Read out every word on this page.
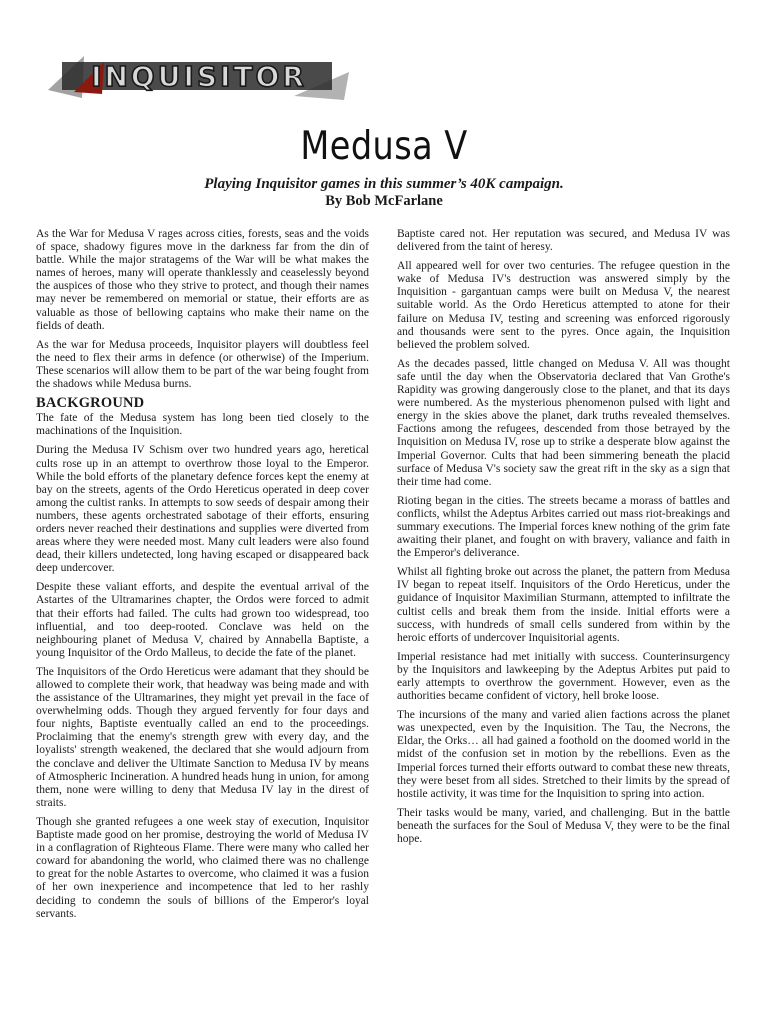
INQUISITOR
Medusa V

Playing Inquisitor games in this summer’s 40K campaign.

By Bob McFarlane

As the War for Medusa V rages across cities, forests, seas and the voids of space, shadowy figures move in the darkness far from the din of battle. While the major stratagems of the War will be what makes the names of heroes, many will operate thanklessly and ceaselessly beyond the auspices of those who they strive to protect, and though their names may never be remembered on memorial or statue, their efforts are as valuable as those of bellowing captains who make their name on the fields of death.

As the war for Medusa proceeds, Inquisitor players will doubtless feel the need to flex their arms in defence (or otherwise) of the Imperium. These scenarios will allow them to be part of the war being fought from the shadows while Medusa burns.

BACKGROUND

The fate of the Medusa system has long been tied closely to the machinations of the Inquisition.

During the Medusa IV Schism over two hundred years ago, heretical cults rose up in an attempt to overthrow those loyal to the Emperor. While the bold efforts of the planetary defence forces kept the enemy at bay on the streets, agents of the Ordo Hereticus operated in deep cover among the cultist ranks. In attempts to sow seeds of despair among their numbers, these agents orchestrated sabotage of their efforts, ensuring orders never reached their destinations and supplies were diverted from areas where they were needed most. Many cult leaders were also found dead, their killers undetected, long having escaped or disappeared back deep undercover.

Despite these valiant efforts, and despite the eventual arrival of the Astartes of the Ultramarines chapter, the Ordos were forced to admit that their efforts had failed. The cults had grown too widespread, too influential, and too deep-rooted. Conclave was held on the neighbouring planet of Medusa V, chaired by Annabella Baptiste, a young Inquisitor of the Ordo Malleus, to decide the fate of the planet.

The Inquisitors of the Ordo Hereticus were adamant that they should be allowed to complete their work, that headway was being made and with the assistance of the Ultramarines, they might yet prevail in the face of overwhelming odds. Though they argued fervently for four days and four nights, Baptiste eventually called an end to the proceedings. Proclaiming that the enemy's strength grew with every day, and the loyalists' strength weakened, the declared that she would adjourn from the conclave and deliver the Ultimate Sanction to Medusa IV by means of Atmospheric Incineration. A hundred heads hung in union, for among them, none were willing to deny that Medusa IV lay in the direst of straits.

Though she granted refugees a one week stay of execution, Inquisitor Baptiste made good on her promise, destroying the world of Medusa IV in a conflagration of Righteous Flame. There were many who called her coward for abandoning the world, who claimed there was no challenge to great for the noble Astartes to overcome, who claimed it was a fusion of her own inexperience and incompetence that led to her rashly deciding to condemn the souls of billions of the Emperor's loyal servants.

Baptiste cared not. Her reputation was secured, and Medusa IV was delivered from the taint of heresy.

All appeared well for over two centuries. The refugee question in the wake of Medusa IV's destruction was answered simply by the Inquisition - gargantuan camps were built on Medusa V, the nearest suitable world. As the Ordo Hereticus attempted to atone for their failure on Medusa IV, testing and screening was enforced rigorously and thousands were sent to the pyres. Once again, the Inquisition believed the problem solved.

As the decades passed, little changed on Medusa V. All was thought safe until the day when the Observatoria declared that Van Grothe's Rapidity was growing dangerously close to the planet, and that its days were numbered. As the mysterious phenomenon pulsed with light and energy in the skies above the planet, dark truths revealed themselves. Factions among the refugees, descended from those betrayed by the Inquisition on Medusa IV, rose up to strike a desperate blow against the Imperial Governor. Cults that had been simmering beneath the placid surface of Medusa V's society saw the great rift in the sky as a sign that their time had come.

Rioting began in the cities. The streets became a morass of battles and conflicts, whilst the Adeptus Arbites carried out mass riot-breakings and summary executions. The Imperial forces knew nothing of the grim fate awaiting their planet, and fought on with bravery, valiance and faith in the Emperor's deliverance.

Whilst all fighting broke out across the planet, the pattern from Medusa IV began to repeat itself. Inquisitors of the Ordo Hereticus, under the guidance of Inquisitor Maximilian Sturmann, attempted to infiltrate the cultist cells and break them from the inside. Initial efforts were a success, with hundreds of small cells sundered from within by the heroic efforts of undercover Inquisitorial agents.

Imperial resistance had met initially with success. Counterinsurgency by the Inquisitors and lawkeeping by the Adeptus Arbites put paid to early attempts to overthrow the government. However, even as the authorities became confident of victory, hell broke loose.

The incursions of the many and varied alien factions across the planet was unexpected, even by the Inquisition. The Tau, the Necrons, the Eldar, the Orks… all had gained a foothold on the doomed world in the midst of the confusion set in motion by the rebellions. Even as the Imperial forces turned their efforts outward to combat these new threats, they were beset from all sides. Stretched to their limits by the spread of hostile activity, it was time for the Inquisition to spring into action.

Their tasks would be many, varied, and challenging. But in the battle beneath the surfaces for the Soul of Medusa V, they were to be the final hope.
